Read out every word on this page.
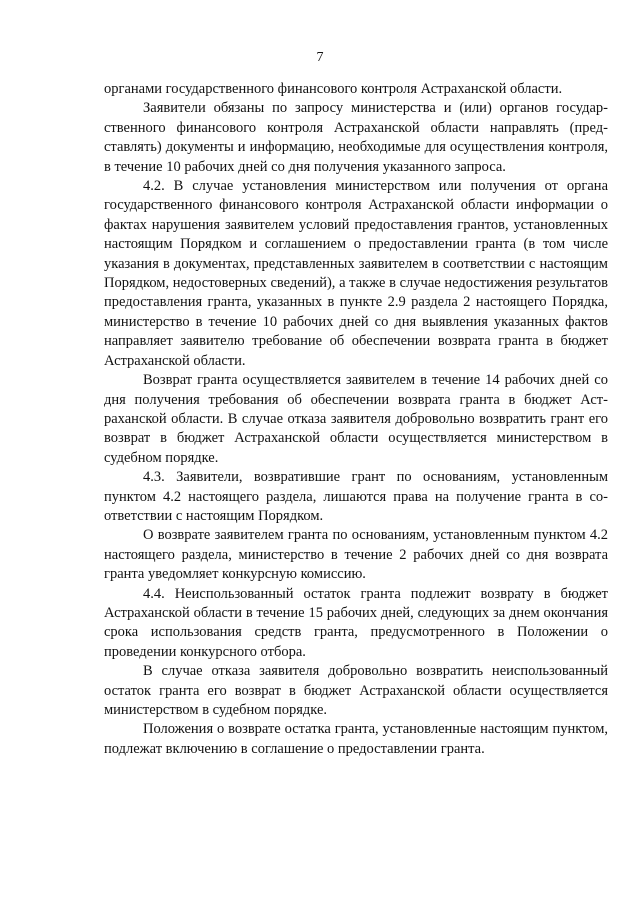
7

органами государственного финансового контроля Астраханской области.

Заявители обязаны по запросу министерства и (или) органов государственного финансового контроля Астраханской области направлять (представлять) документы и информацию, необходимые для осуществления контроля, в течение 10 рабочих дней со дня получения указанного запроса.

4.2. В случае установления министерством или получения от органа государственного финансового контроля Астраханской области информации о фактах нарушения заявителем условий предоставления грантов, установленных настоящим Порядком и соглашением о предоставлении гранта (в том числе указания в документах, представленных заявителем в соответствии с настоящим Порядком, недостоверных сведений), а также в случае недостижения результатов предоставления гранта, указанных в пункте 2.9 раздела 2 настоящего Порядка, министерство в течение 10 рабочих дней со дня выявления указанных фактов направляет заявителю требование об обеспечении возврата гранта в бюджет Астраханской области.

Возврат гранта осуществляется заявителем в течение 14 рабочих дней со дня получения требования об обеспечении возврата гранта в бюджет Астраханской области. В случае отказа заявителя добровольно возвратить грант его возврат в бюджет Астраханской области осуществляется министерством в судебном порядке.

4.3. Заявители, возвратившие грант по основаниям, установленным пунктом 4.2 настоящего раздела, лишаются права на получение гранта в соответствии с настоящим Порядком.

О возврате заявителем гранта по основаниям, установленным пунктом 4.2 настоящего раздела, министерство в течение 2 рабочих дней со дня возврата гранта уведомляет конкурсную комиссию.

4.4. Неиспользованный остаток гранта подлежит возврату в бюджет Астраханской области в течение 15 рабочих дней, следующих за днем окончания срока использования средств гранта, предусмотренного в Положении о проведении конкурсного отбора.

В случае отказа заявителя добровольно возвратить неиспользованный остаток гранта его возврат в бюджет Астраханской области осуществляется министерством в судебном порядке.

Положения о возврате остатка гранта, установленные настоящим пунктом, подлежат включению в соглашение о предоставлении гранта.
